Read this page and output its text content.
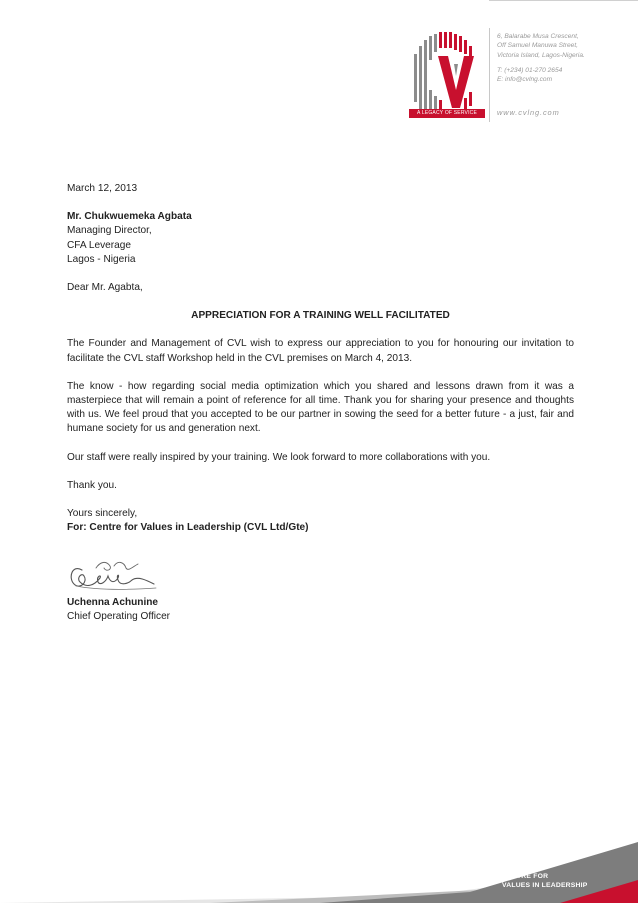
A LEGACY OF SERVICE
6, Balarabe Musa Crescent,
Off Samuel Manuwa Street,
Victoria Island, Lagos-Nigeria.
T: (+234) 01-270 2654
E: info@cvlng.com
www.cvlng.com

March 12, 2013

Mr. Chukwuemeka Agbata

Managing Director,

CFA Leverage

Lagos - Nigeria

Dear Mr. Agabta,

APPRECIATION FOR A TRAINING WELL FACILITATED

The Founder and Management of CVL wish to express our appreciation to you for honouring our invitation to facilitate the CVL staff Workshop held in the CVL premises on March 4, 2013.

The know - how regarding social media optimization which you shared and lessons drawn from it was a masterpiece that will remain a point of reference for all time. Thank you for sharing your presence and thoughts with us. We feel proud that you accepted to be our partner in sowing the seed for a better future - a just, fair and humane society for us and generation next.

Our staff were really inspired by your training. We look forward to more collaborations with you.

Thank you.

Yours sincerely,

For: Centre for Values in Leadership (CVL Ltd/Gte)

Uchenna Achunine
Chief Operating Officer
CENTRE FOR
VALUES IN LEADERSHIP
